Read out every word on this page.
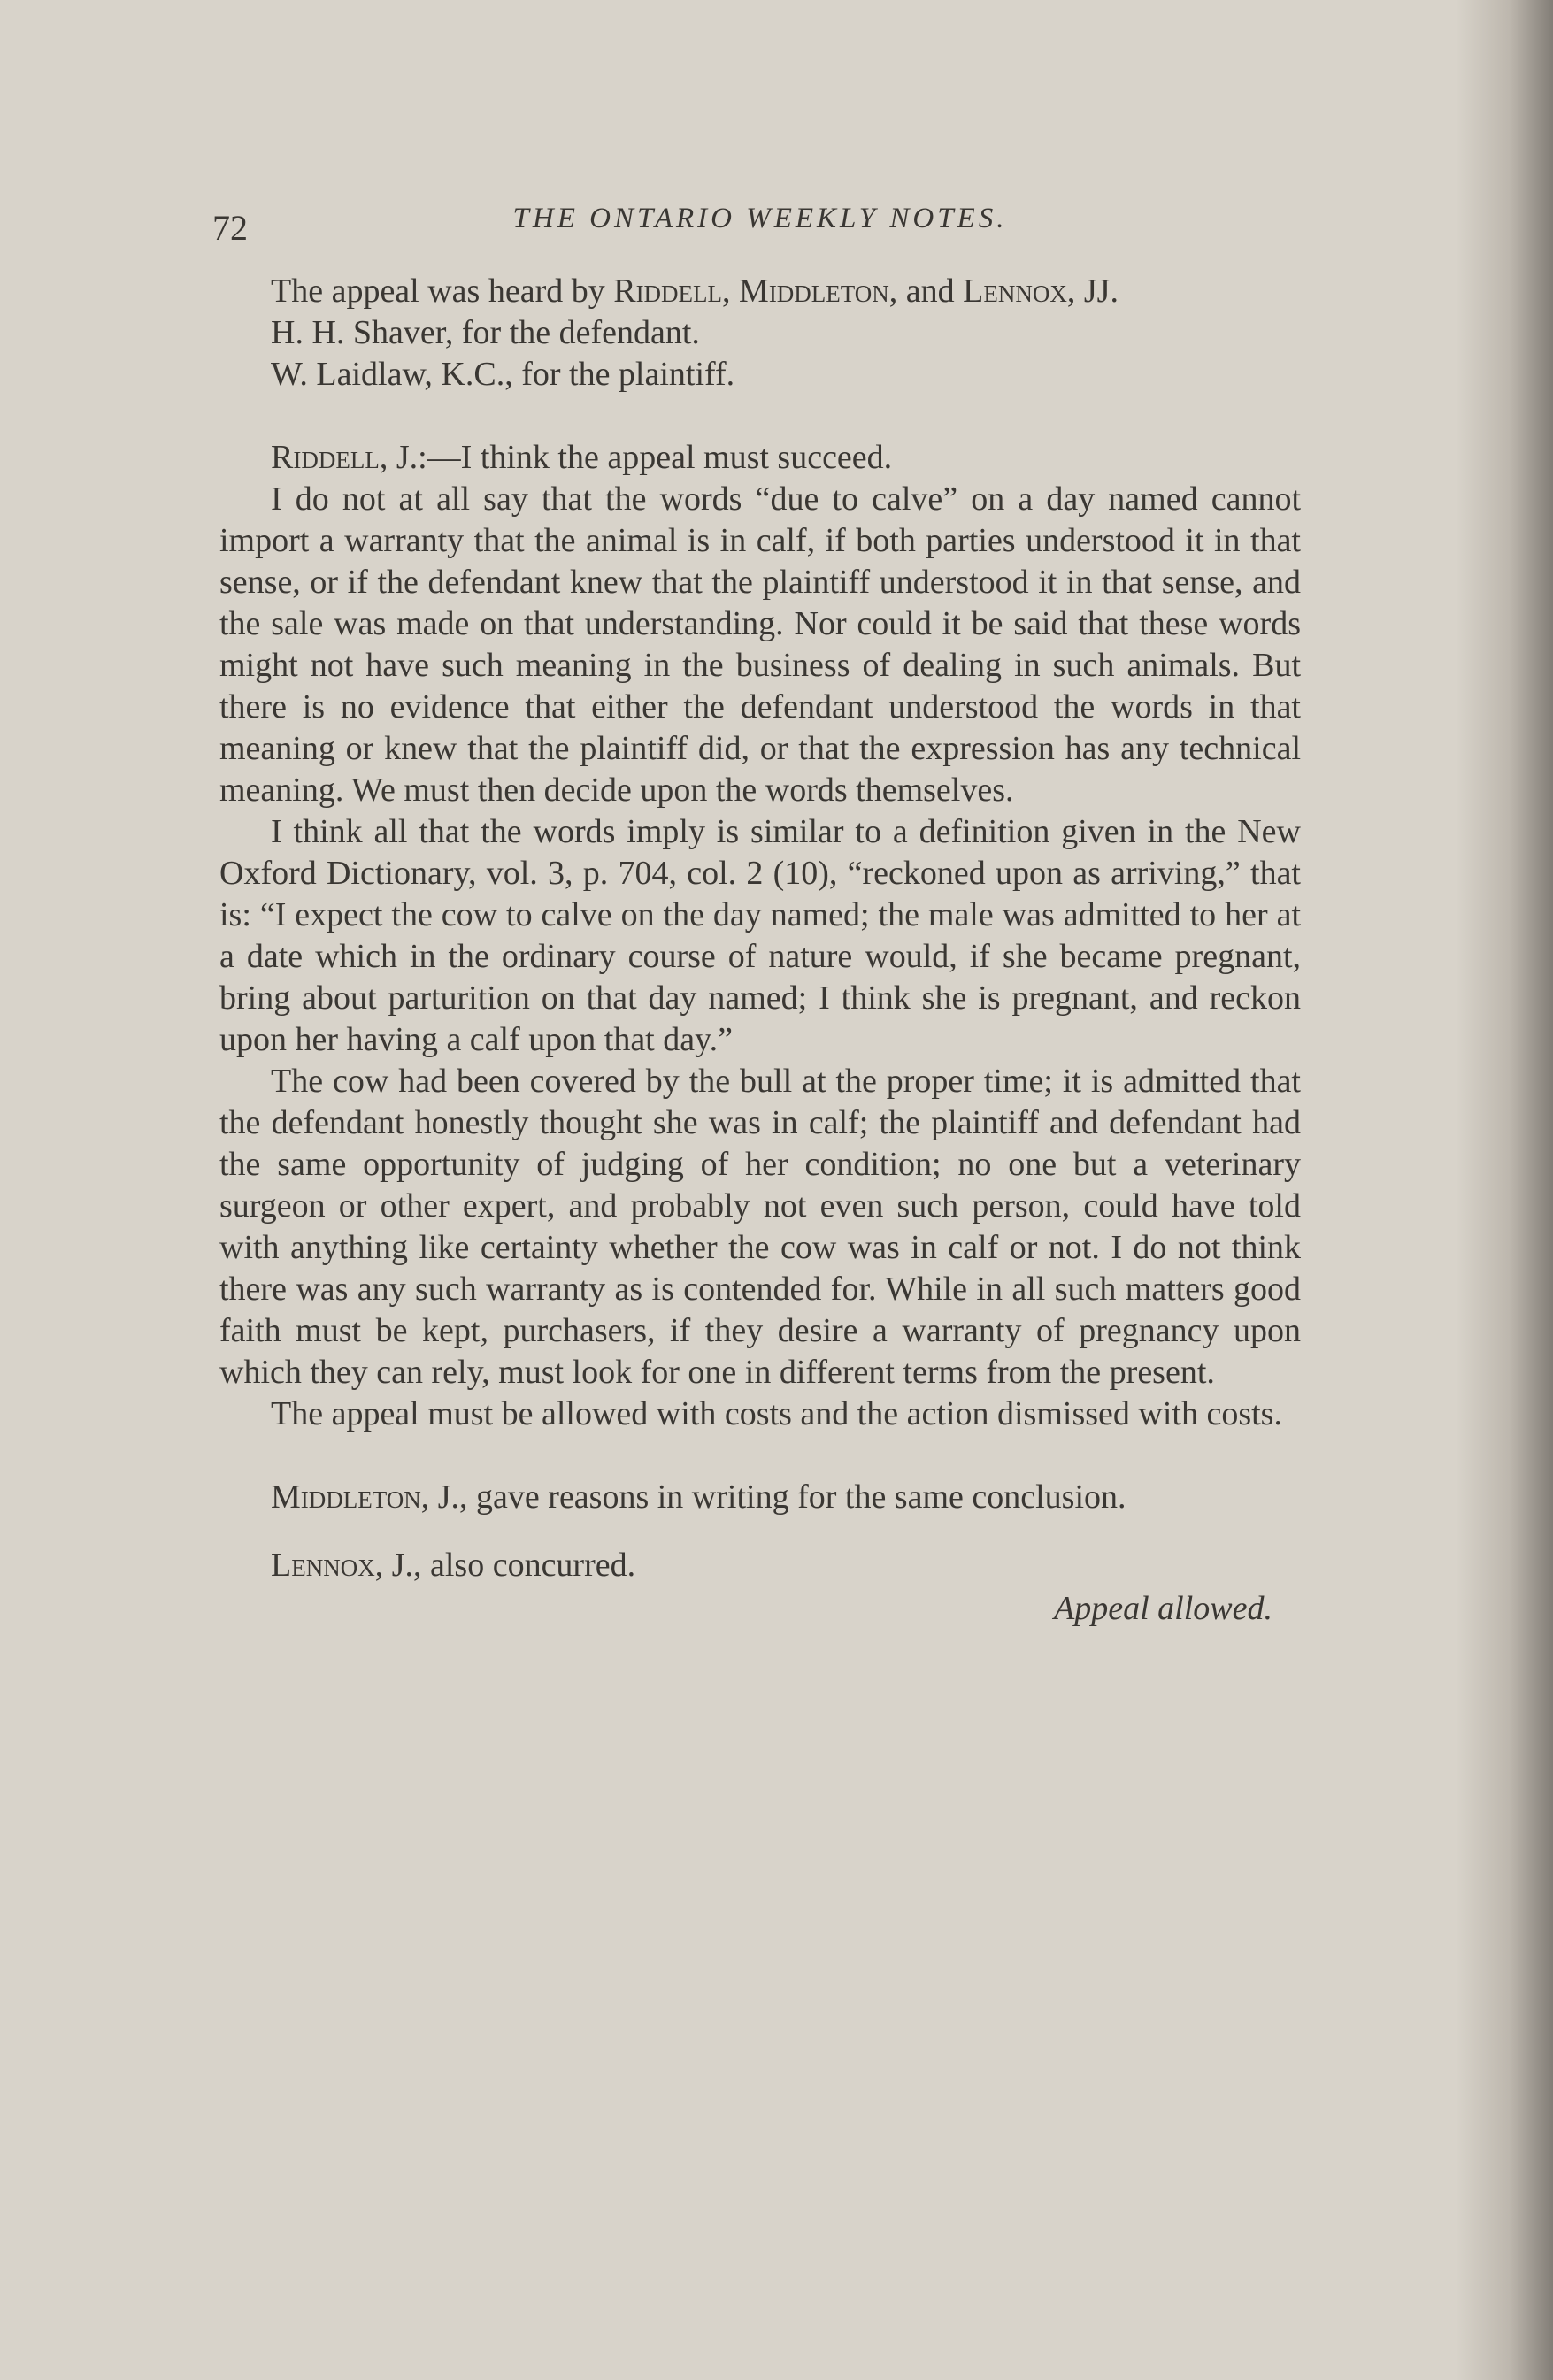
72	THE ONTARIO WEEKLY NOTES.

The appeal was heard by Riddell, Middleton, and Lennox, JJ.

H. H. Shaver, for the defendant.

W. Laidlaw, K.C., for the plaintiff.

Riddell, J.:—I think the appeal must succeed.

I do not at all say that the words “due to calve” on a day named cannot import a warranty that the animal is in calf, if both parties understood it in that sense, or if the defendant knew that the plaintiff understood it in that sense, and the sale was made on that understanding. Nor could it be said that these words might not have such meaning in the business of dealing in such animals. But there is no evidence that either the defendant understood the words in that meaning or knew that the plaintiff did, or that the expression has any technical meaning. We must then decide upon the words themselves.

I think all that the words imply is similar to a definition given in the New Oxford Dictionary, vol. 3, p. 704, col. 2 (10), “reckoned upon as arriving,” that is: “I expect the cow to calve on the day named; the male was admitted to her at a date which in the ordinary course of nature would, if she became pregnant, bring about parturition on that day named; I think she is pregnant, and reckon upon her having a calf upon that day.”

The cow had been covered by the bull at the proper time; it is admitted that the defendant honestly thought she was in calf; the plaintiff and defendant had the same opportunity of judging of her condition; no one but a veterinary surgeon or other expert, and probably not even such person, could have told with anything like certainty whether the cow was in calf or not. I do not think there was any such warranty as is contended for. While in all such matters good faith must be kept, purchasers, if they desire a warranty of pregnancy upon which they can rely, must look for one in different terms from the present.

The appeal must be allowed with costs and the action dismissed with costs.

Middleton, J., gave reasons in writing for the same conclusion.

Lennox, J., also concurred.

Appeal allowed.
